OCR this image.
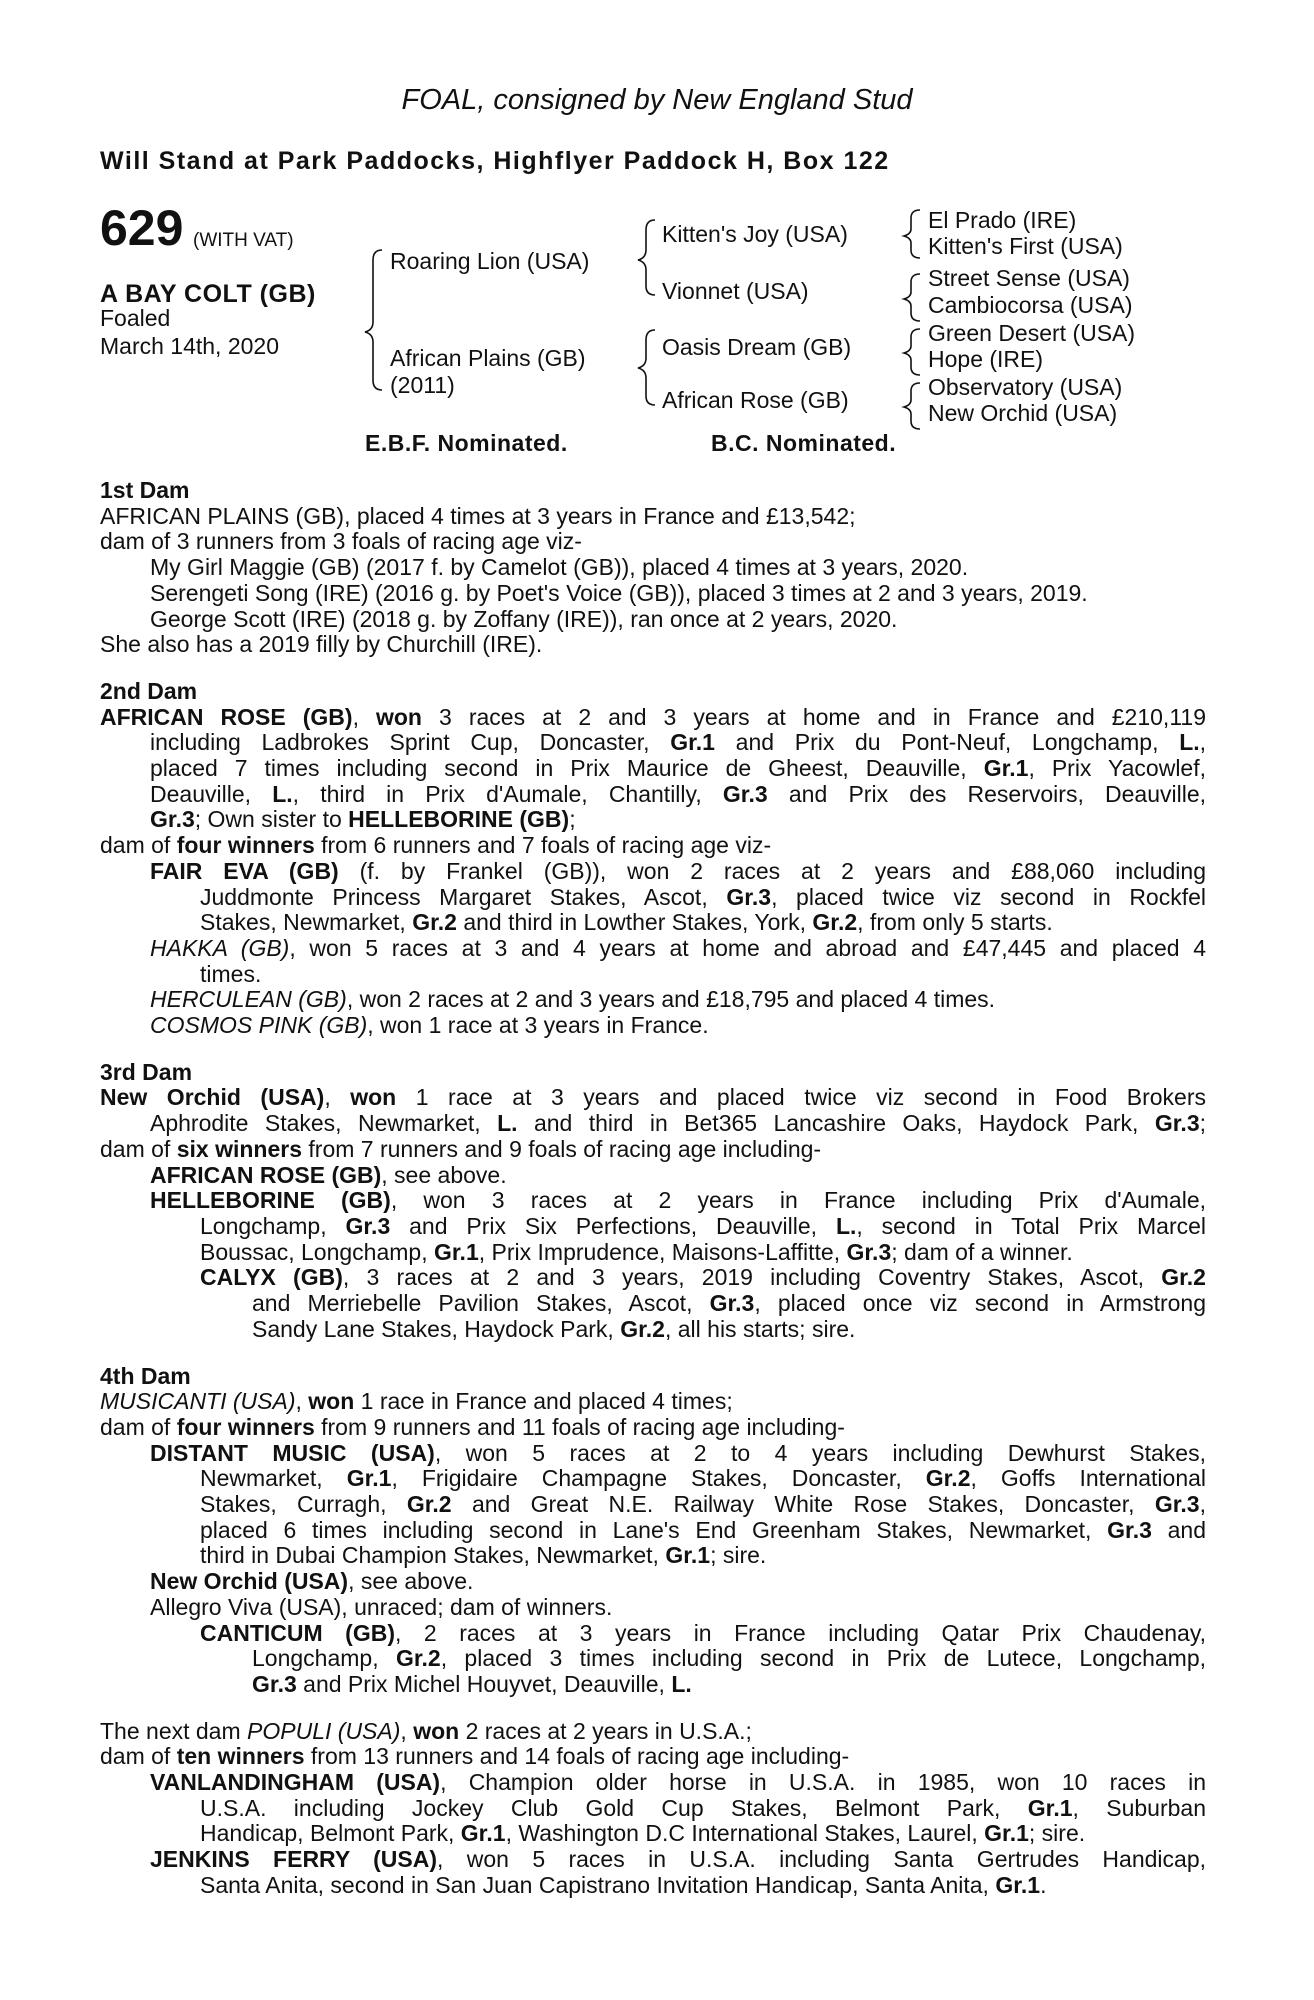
FOAL, consigned by New England Stud
Will Stand at Park Paddocks, Highflyer Paddock H, Box 122
629 (WITH VAT)
A BAY COLT (GB)
Foaled
March 14th, 2020
Roaring Lion (USA)
African Plains (GB)
(2011)
Kitten's Joy (USA)
Vionnet (USA)
Oasis Dream (GB)
African Rose (GB)
El Prado (IRE)
Kitten's First (USA)
Street Sense (USA)
Cambiocorsa (USA)
Green Desert (USA)
Hope (IRE)
Observatory (USA)
New Orchid (USA)
E.B.F. Nominated.	B.C. Nominated.
1st Dam
AFRICAN PLAINS (GB), placed 4 times at 3 years in France and £13,542;
dam of 3 runners from 3 foals of racing age viz-
My Girl Maggie (GB) (2017 f. by Camelot (GB)), placed 4 times at 3 years, 2020.
Serengeti Song (IRE) (2016 g. by Poet's Voice (GB)), placed 3 times at 2 and 3 years, 2019.
George Scott (IRE) (2018 g. by Zoffany (IRE)), ran once at 2 years, 2020.
She also has a 2019 filly by Churchill (IRE).
2nd Dam
AFRICAN ROSE (GB), won 3 races at 2 and 3 years at home and in France and £210,119
including Ladbrokes Sprint Cup, Doncaster, Gr.1 and Prix du Pont-Neuf, Longchamp, L.,
placed 7 times including second in Prix Maurice de Gheest, Deauville, Gr.1, Prix Yacowlef,
Deauville, L., third in Prix d'Aumale, Chantilly, Gr.3 and Prix des Reservoirs, Deauville,
Gr.3; Own sister to HELLEBORINE (GB);
dam of four winners from 6 runners and 7 foals of racing age viz-
FAIR EVA (GB) (f. by Frankel (GB)), won 2 races at 2 years and £88,060 including
Juddmonte Princess Margaret Stakes, Ascot, Gr.3, placed twice viz second in Rockfel
Stakes, Newmarket, Gr.2 and third in Lowther Stakes, York, Gr.2, from only 5 starts.
HAKKA (GB), won 5 races at 3 and 4 years at home and abroad and £47,445 and placed 4
times.
HERCULEAN (GB), won 2 races at 2 and 3 years and £18,795 and placed 4 times.
COSMOS PINK (GB), won 1 race at 3 years in France.
3rd Dam
New Orchid (USA), won 1 race at 3 years and placed twice viz second in Food Brokers
Aphrodite Stakes, Newmarket, L. and third in Bet365 Lancashire Oaks, Haydock Park, Gr.3;
dam of six winners from 7 runners and 9 foals of racing age including-
AFRICAN ROSE (GB), see above.
HELLEBORINE (GB), won 3 races at 2 years in France including Prix d'Aumale,
Longchamp, Gr.3 and Prix Six Perfections, Deauville, L., second in Total Prix Marcel
Boussac, Longchamp, Gr.1, Prix Imprudence, Maisons-Laffitte, Gr.3; dam of a winner.
CALYX (GB), 3 races at 2 and 3 years, 2019 including Coventry Stakes, Ascot, Gr.2
and Merriebelle Pavilion Stakes, Ascot, Gr.3, placed once viz second in Armstrong
Sandy Lane Stakes, Haydock Park, Gr.2, all his starts; sire.
4th Dam
MUSICANTI (USA), won 1 race in France and placed 4 times;
dam of four winners from 9 runners and 11 foals of racing age including-
DISTANT MUSIC (USA), won 5 races at 2 to 4 years including Dewhurst Stakes,
Newmarket, Gr.1, Frigidaire Champagne Stakes, Doncaster, Gr.2, Goffs International
Stakes, Curragh, Gr.2 and Great N.E. Railway White Rose Stakes, Doncaster, Gr.3,
placed 6 times including second in Lane's End Greenham Stakes, Newmarket, Gr.3 and
third in Dubai Champion Stakes, Newmarket, Gr.1; sire.
New Orchid (USA), see above.
Allegro Viva (USA), unraced; dam of winners.
CANTICUM (GB), 2 races at 3 years in France including Qatar Prix Chaudenay,
Longchamp, Gr.2, placed 3 times including second in Prix de Lutece, Longchamp,
Gr.3 and Prix Michel Houyvet, Deauville, L.
The next dam POPULI (USA), won 2 races at 2 years in U.S.A.;
dam of ten winners from 13 runners and 14 foals of racing age including-
VANLANDINGHAM (USA), Champion older horse in U.S.A. in 1985, won 10 races in
U.S.A. including Jockey Club Gold Cup Stakes, Belmont Park, Gr.1, Suburban
Handicap, Belmont Park, Gr.1, Washington D.C International Stakes, Laurel, Gr.1; sire.
JENKINS FERRY (USA), won 5 races in U.S.A. including Santa Gertrudes Handicap,
Santa Anita, second in San Juan Capistrano Invitation Handicap, Santa Anita, Gr.1.
